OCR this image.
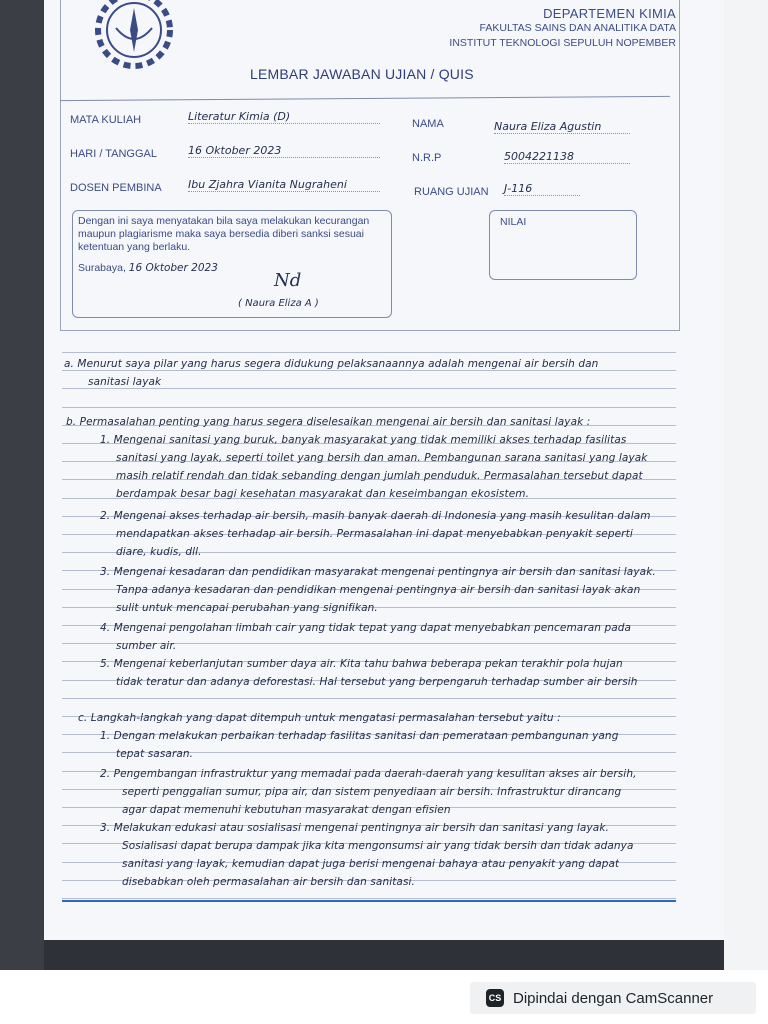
DEPARTEMEN KIMIA
FAKULTAS SAINS DAN ANALITIKA DATA
INSTITUT TEKNOLOGI SEPULUH NOPEMBER
LEMBAR JAWABAN UJIAN / QUIS
MATA KULIAH	Literatur Kimia (D)
HARI / TANGGAL	16 Oktober 2023
DOSEN PEMBINA Ibu Zjahra Vianita Nugraheni
NAMA	Naura Eliza Agustin
N.R.P	5004221138
RUANG UJIAN J-116
Dengan ini saya menyatakan bila saya melakukan kecurangan maupun plagiarisme maka saya bersedia diberi sanksi sesuai ketentuan yang berlaku.
Surabaya, 16 Oktober 2023
Nd
( Naura Eliza A )
NILAI
a. Menurut saya pilar yang harus segera didukung pelaksanaannya adalah mengenai air bersih dan
sanitasi layak
b. Permasalahan penting yang harus segera diselesaikan mengenai air bersih dan sanitasi layak :
1. Mengenai sanitasi yang buruk, banyak masyarakat yang tidak memiliki akses terhadap fasilitas
sanitasi yang layak, seperti toilet yang bersih dan aman. Pembangunan sarana sanitasi yang layak
masih relatif rendah dan tidak sebanding dengan jumlah penduduk. Permasalahan tersebut dapat
berdampak besar bagi kesehatan masyarakat dan keseimbangan ekosistem.
2. Mengenai akses terhadap air bersih, masih banyak daerah di Indonesia yang masih kesulitan dalam
mendapatkan akses terhadap air bersih. Permasalahan ini dapat menyebabkan penyakit seperti
diare, kudis, dll.
3. Mengenai kesadaran dan pendidikan masyarakat mengenai pentingnya air bersih dan sanitasi layak.
Tanpa adanya kesadaran dan pendidikan mengenai pentingnya air bersih dan sanitasi layak akan
sulit untuk mencapai perubahan yang signifikan.
4. Mengenai pengolahan limbah cair yang tidak tepat yang dapat menyebabkan pencemaran pada
sumber air.
5. Mengenai keberlanjutan sumber daya air. Kita tahu bahwa beberapa pekan terakhir pola hujan
tidak teratur dan adanya deforestasi. Hal tersebut yang berpengaruh terhadap sumber air bersih
c. Langkah-langkah yang dapat ditempuh untuk mengatasi permasalahan tersebut yaitu :
1. Dengan melakukan perbaikan terhadap fasilitas sanitasi dan pemerataan pembangunan yang
tepat sasaran.
2. Pengembangan infrastruktur yang memadai pada daerah-daerah yang kesulitan akses air bersih,
seperti penggalian sumur, pipa air, dan sistem penyediaan air bersih. Infrastruktur dirancang
agar dapat memenuhi kebutuhan masyarakat dengan efisien
3. Melakukan edukasi atau sosialisasi mengenai pentingnya air bersih dan sanitasi yang layak.
Sosialisasi dapat berupa dampak jika kita mengonsumsi air yang tidak bersih dan tidak adanya
sanitasi yang layak, kemudian dapat juga berisi mengenai bahaya atau penyakit yang dapat
disebabkan oleh permasalahan air bersih dan sanitasi.
CS Dipindai dengan CamScanner
